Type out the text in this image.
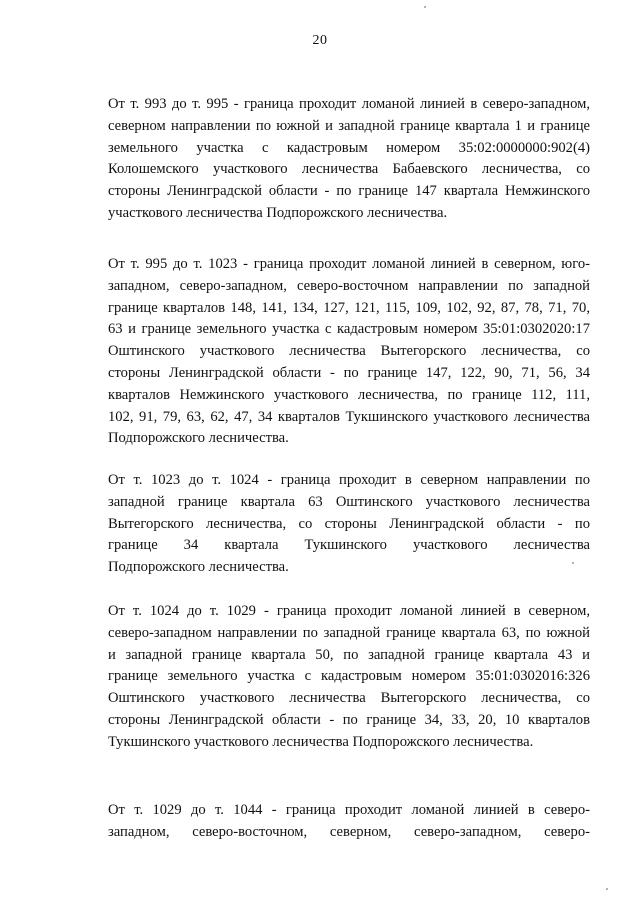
20

От т. 993 до т. 995 - граница проходит ломаной линией в северо-западном,
северном направлении по южной и западной границе квартала 1 и границе
земельного участка с кадастровым номером 35:02:0000000:902(4)
Колошемского участкового лесничества Бабаевского лесничества, со
стороны Ленинградской области - по границе 147 квартала Немжинского
участкового лесничества Подпорожского лесничества.

От т. 995 до т. 1023 - граница проходит ломаной линией в северном, юго-
западном, северо-западном, северо-восточном направлении по западной
границе кварталов 148, 141, 134, 127, 121, 115, 109, 102, 92, 87, 78, 71, 70,
63 и границе земельного участка с кадастровым номером 35:01:0302020:17
Оштинского участкового лесничества Вытегорского лесничества, со
стороны Ленинградской области - по границе 147, 122, 90, 71, 56, 34
кварталов Немжинского участкового лесничества, по границе 112, 111,
102, 91, 79, 63, 62, 47, 34 кварталов Тукшинского участкового лесничества
Подпорожского лесничества.

От т. 1023 до т. 1024 - граница проходит в северном направлении по
западной границе квартала 63 Оштинского участкового лесничества
Вытегорского лесничества, со стороны Ленинградской области - по
границе 34 квартала Тукшинского участкового лесничества
Подпорожского лесничества.

От т. 1024 до т. 1029 - граница проходит ломаной линией в северном,
северо-западном направлении по западной границе квартала 63, по южной
и западной границе квартала 50, по западной границе квартала 43 и
границе земельного участка с кадастровым номером 35:01:0302016:326
Оштинского участкового лесничества Вытегорского лесничества, со
стороны Ленинградской области - по границе 34, 33, 20, 10 кварталов
Тукшинского участкового лесничества Подпорожского лесничества.

От т. 1029 до т. 1044 - граница проходит ломаной линией в северо-
западном, северо-восточном, северном, северо-западном, северо-
